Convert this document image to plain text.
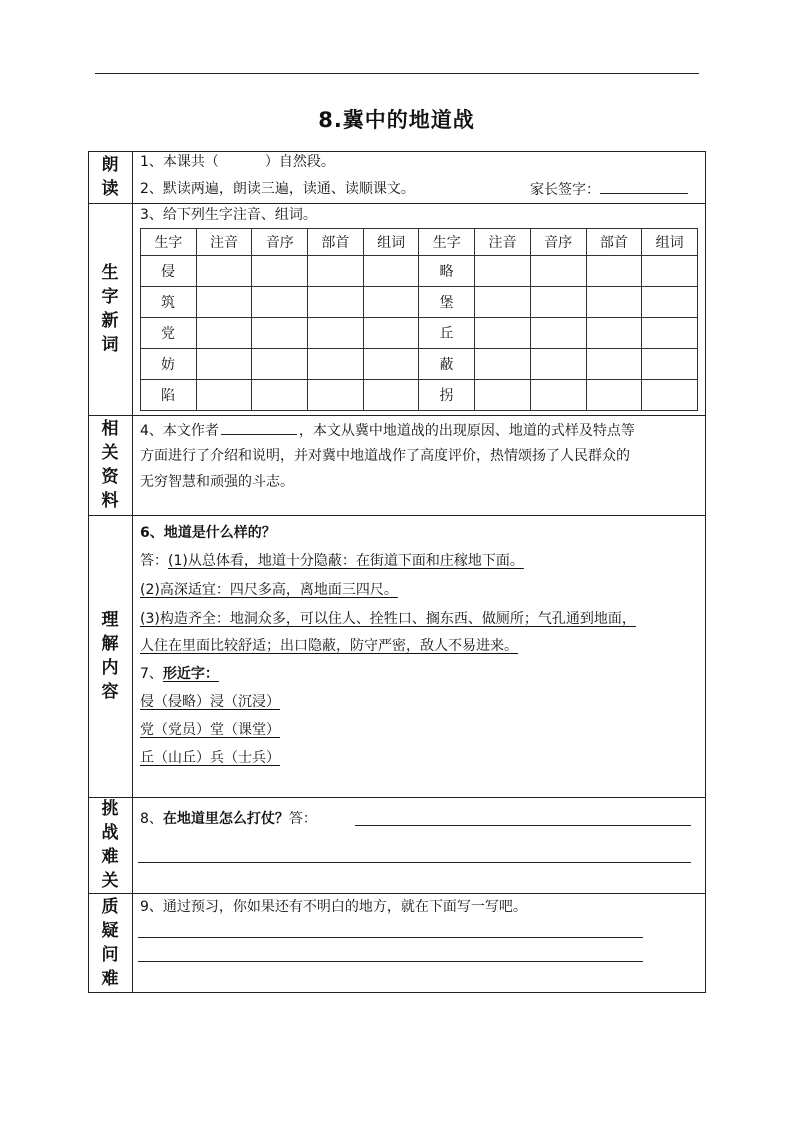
8.冀中的地道战
朗
读
1、本课共（	）自然段。
2、默读两遍，朗读三遍，读通、读顺课文。	家长签字：
生
字
新
词
3、给下列生字注音、组词。
生字	注音	音序	部首	组词	生字	注音	音序	部首	组词
侵					略				
筑					堡				
党					丘				
妨					蔽				
陷					拐				
相
关
资
料
4、本文作者	，本文从冀中地道战的出现原因、地道的式样及特点等
方面进行了介绍和说明，并对冀中地道战作了高度评价，热情颂扬了人民群众的
无穷智慧和顽强的斗志。
理
解
内
容
6、地道是什么样的？
答：(1)从总体看，地道十分隐蔽：在街道下面和庄稼地下面。
(2)高深适宜：四尺多高，离地面三四尺。
(3)构造齐全：地洞众多，可以住人、拴牲口、搁东西、做厕所；气孔通到地面，
人住在里面比较舒适；出口隐蔽，防守严密，敌人不易进来。
7、形近字：
侵（侵略）浸（沉浸）
党（党员）堂（课堂）
丘（山丘）兵（士兵）
挑
战
难
关
8、在地道里怎么打仗？答：
质
疑
问
难
9、通过预习，你如果还有不明白的地方，就在下面写一写吧。
